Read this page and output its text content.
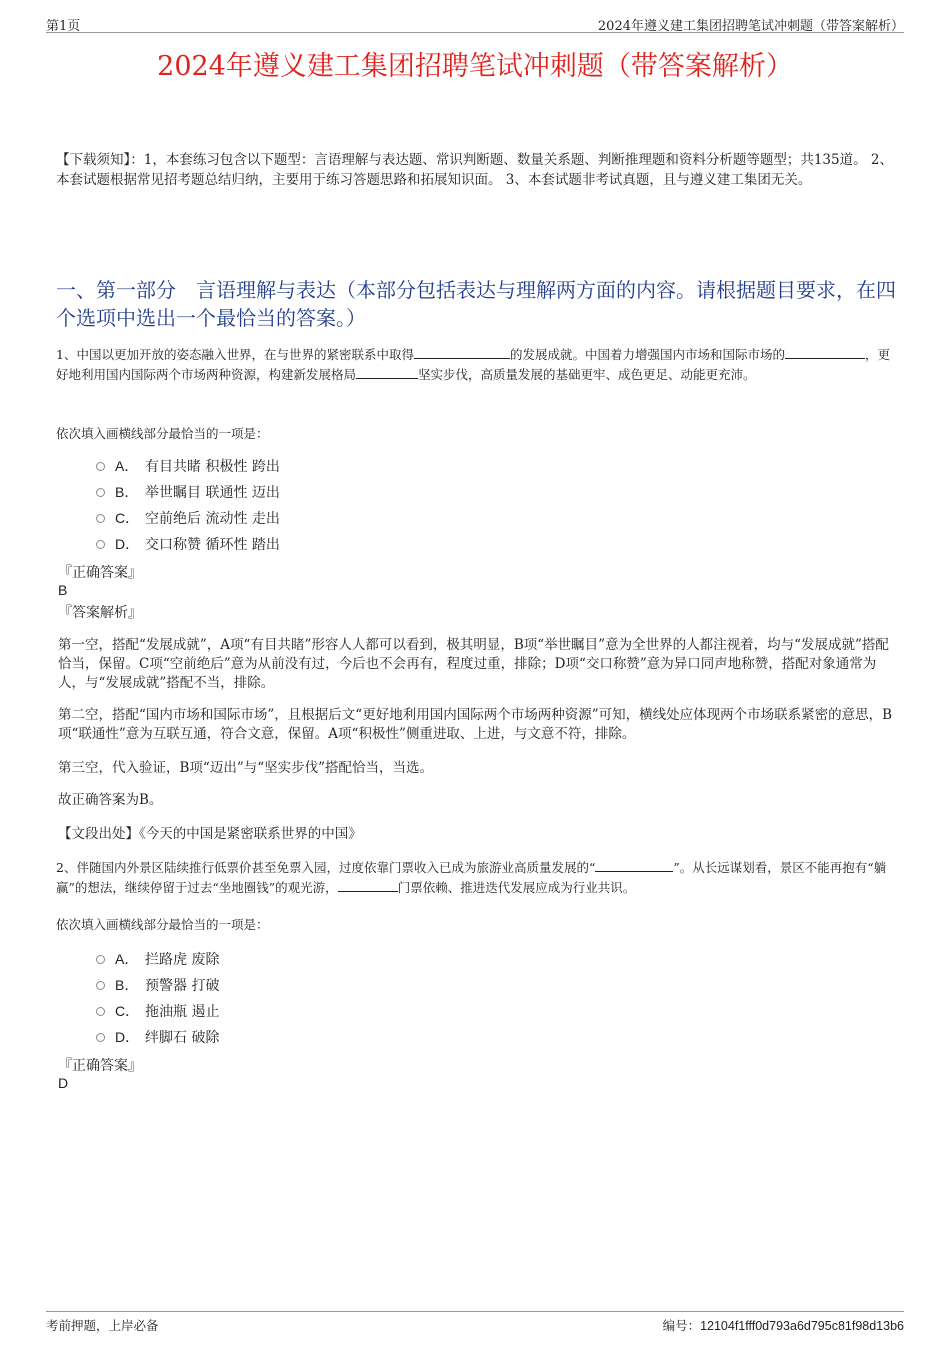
第1页	2024年遵义建工集团招聘笔试冲刺题（带答案解析）
2024年遵义建工集团招聘笔试冲刺题（带答案解析）
【下载须知】：1，本套练习包含以下题型：言语理解与表达题、常识判断题、数量关系题、判断推理题和资料分析题等题型；共135道。 2、本套试题根据常见招考题总结归纳，主要用于练习答题思路和拓展知识面。 3、本套试题非考试真题，且与遵义建工集团无关。
一、第一部分　言语理解与表达（本部分包括表达与理解两方面的内容。请根据题目要求，在四个选项中选出一个最恰当的答案。）
1、中国以更加开放的姿态融入世界，在与世界的紧密联系中取得	的发展成就。中国着力增强国内市场和国际市场的	，更好地利用国内国际两个市场两种资源，构建新发展格局	坚实步伐，高质量发展的基础更牢、成色更足、动能更充沛。
依次填入画横线部分最恰当的一项是：
A． 有目共睹 积极性 跨出
B． 举世瞩目 联通性 迈出
C． 空前绝后 流动性 走出
D． 交口称赞 循环性 踏出
『正确答案』
B
『答案解析』
第一空，搭配“发展成就”，A项“有目共睹”形容人人都可以看到，极其明显，B项“举世瞩目”意为全世界的人都注视着，均与“发展成就”搭配恰当，保留。C项“空前绝后”意为从前没有过，今后也不会再有，程度过重，排除；D项“交口称赞”意为异口同声地称赞，搭配对象通常为人，与“发展成就”搭配不当，排除。
第二空，搭配“国内市场和国际市场”，且根据后文“更好地利用国内国际两个市场两种资源”可知，横线处应体现两个市场联系紧密的意思，B项“联通性”意为互联互通，符合文意，保留。A项“积极性”侧重进取、上进，与文意不符，排除。
第三空，代入验证，B项“迈出”与“坚实步伐”搭配恰当，当选。
故正确答案为B。
【文段出处】《今天的中国是紧密联系世界的中国》
2、伴随国内外景区陆续推行低票价甚至免票入园，过度依靠门票收入已成为旅游业高质量发展的“	”。从长远谋划看，景区不能再抱有“躺赢”的想法，继续停留于过去“坐地圈钱”的观光游，	门票依赖、推进迭代发展应成为行业共识。
依次填入画横线部分最恰当的一项是：
A． 拦路虎 废除
B． 预警器 打破
C． 拖油瓶 遏止
D． 绊脚石 破除
『正确答案』
D
考前押题，上岸必备	编号：12104f1fff0d793a6d795c81f98d13b6
